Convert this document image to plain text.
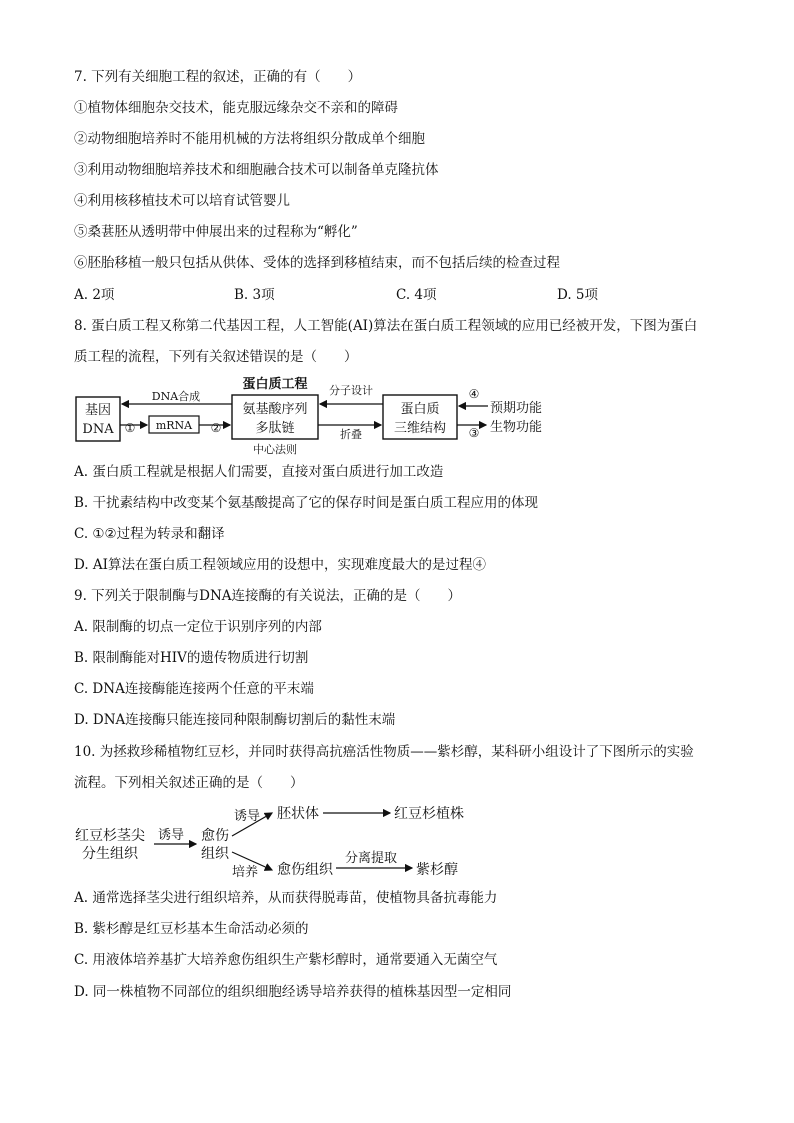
7. 下列有关细胞工程的叙述，正确的有（　　）
①植物体细胞杂交技术，能克服远缘杂交不亲和的障碍
②动物细胞培养时不能用机械的方法将组织分散成单个细胞
③利用动物细胞培养技术和细胞融合技术可以制备单克隆抗体
④利用核移植技术可以培育试管婴儿
⑤桑葚胚从透明带中伸展出来的过程称为“孵化”
⑥胚胎移植一般只包括从供体、受体的选择到移植结束，而不包括后续的检查过程
A. 2项	B. 3项	C. 4项	D. 5项
8. 蛋白质工程又称第二代基因工程，人工智能(AI)算法在蛋白质工程领域的应用已经被开发，下图为蛋白
质工程的流程，下列有关叙述错误的是（　　）
基因
DNA	mRNA
氨基酸序列
多肽链
蛋白质
三维结构
蛋白质工程
DNA合成
中心法则
分子设计
折叠
①	②	③
④
预期功能
生物功能
A. 蛋白质工程就是根据人们需要，直接对蛋白质进行加工改造
B. 干扰素结构中改变某个氨基酸提高了它的保存时间是蛋白质工程应用的体现
C. ①②过程为转录和翻译
D. AI算法在蛋白质工程领域应用的设想中，实现难度最大的是过程④
9. 下列关于限制酶与DNA连接酶的有关说法，正确的是（　　）
A. 限制酶的切点一定位于识别序列的内部
B. 限制酶能对HIV的遗传物质进行切割
C. DNA连接酶能连接两个任意的平末端
D. DNA连接酶只能连接同种限制酶切割后的黏性末端
10. 为拯救珍稀植物红豆杉，并同时获得高抗癌活性物质——紫杉醇，某科研小组设计了下图所示的实验
流程。下列相关叙述正确的是（　　）
红豆杉茎尖
分生组织
诱导 愈伤
组织
诱导
培养
胚状体	红豆杉植株
愈伤组织
分离提取
紫杉醇
A. 通常选择茎尖进行组织培养，从而获得脱毒苗，使植物具备抗毒能力
B. 紫杉醇是红豆杉基本生命活动必须的
C. 用液体培养基扩大培养愈伤组织生产紫杉醇时，通常要通入无菌空气
D. 同一株植物不同部位的组织细胞经诱导培养获得的植株基因型一定相同
